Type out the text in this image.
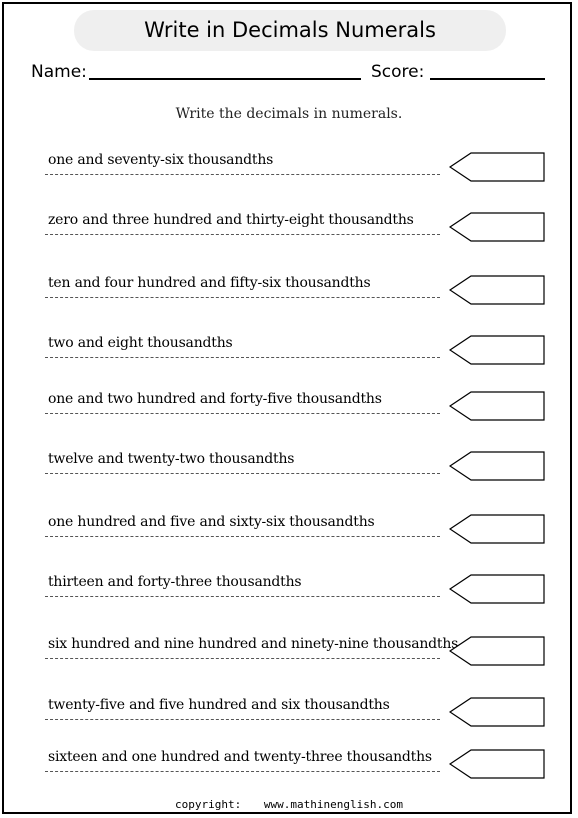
Write in Decimals Numerals
Name:	Score:
Write the decimals in numerals.
one and seventy-six thousandths
zero and three hundred and thirty-eight thousandths
ten and four hundred and fifty-six thousandths
two and eight thousandths
one and two hundred and forty-five thousandths
twelve and twenty-two thousandths
one hundred and five and sixty-six thousandths
thirteen and forty-three thousandths
six hundred and nine hundred and ninety-nine thousandths
twenty-five and five hundred and six thousandths
sixteen and one hundred and twenty-three thousandths
copyright: www.mathinenglish.com
